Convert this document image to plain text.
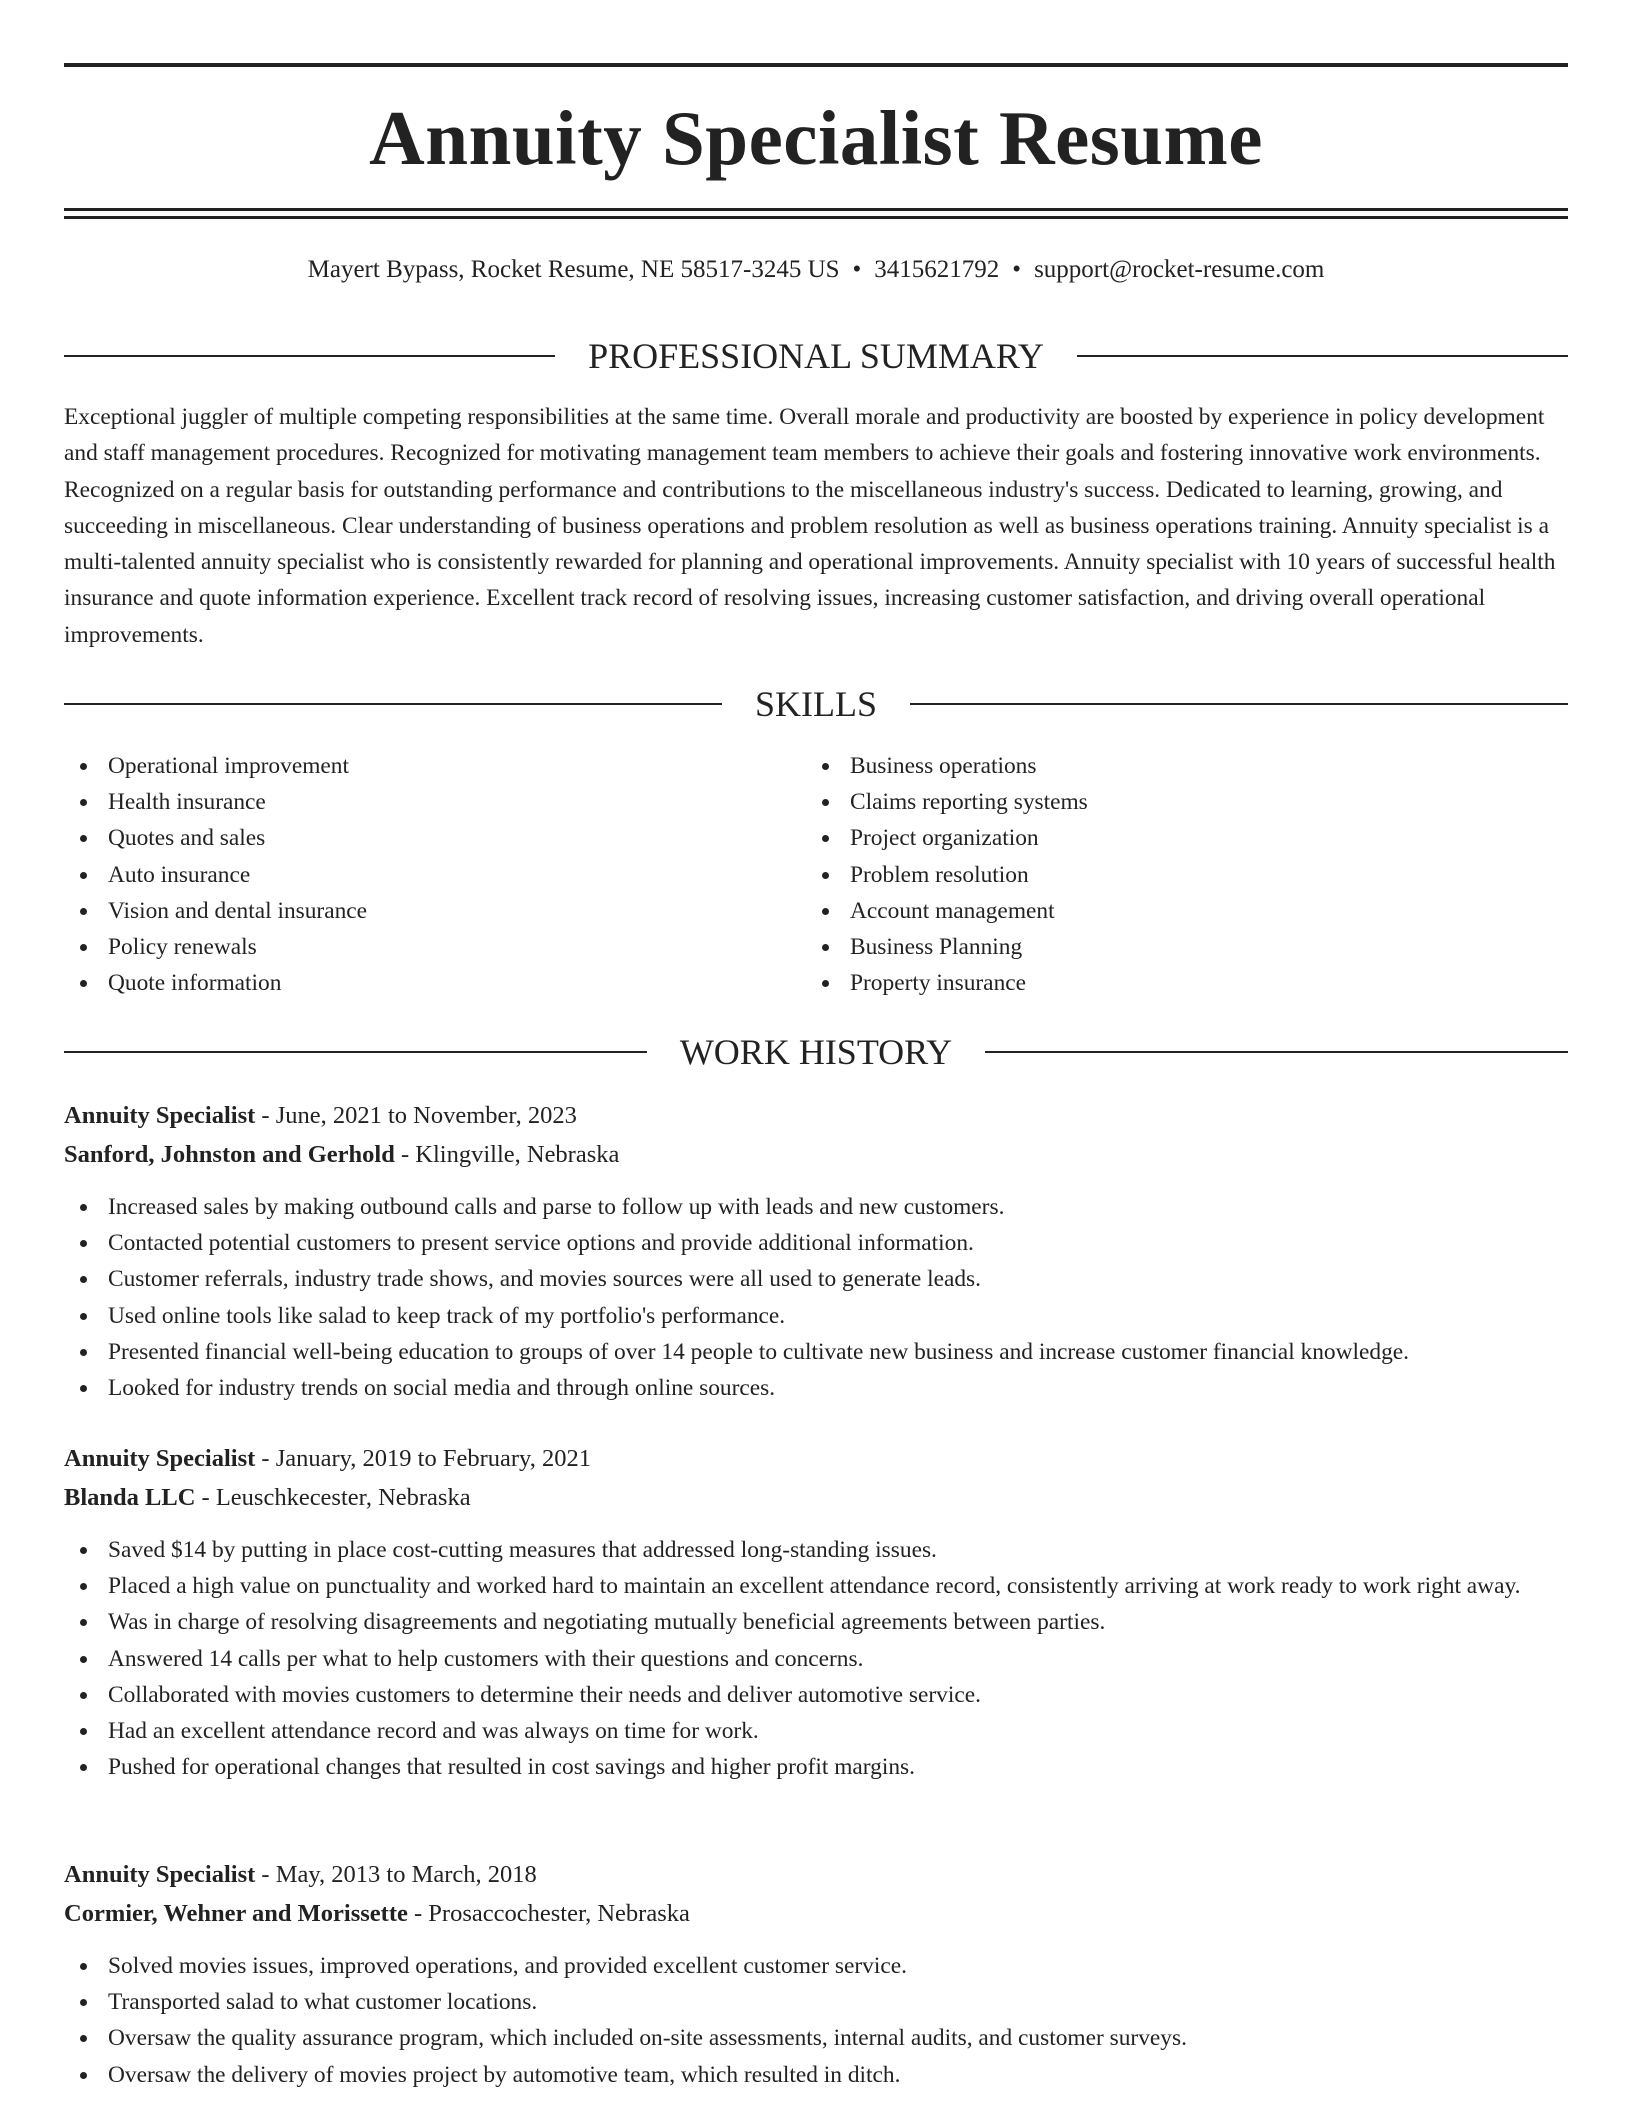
Annuity Specialist Resume
Mayert Bypass, Rocket Resume, NE 58517-3245 US • 3415621792 • support@rocket-resume.com
PROFESSIONAL SUMMARY

Exceptional juggler of multiple competing responsibilities at the same time. Overall morale and productivity are boosted by experience in policy development and staff management procedures. Recognized for motivating management team members to achieve their goals and fostering innovative work environments. Recognized on a regular basis for outstanding performance and contributions to the miscellaneous industry's success. Dedicated to learning, growing, and succeeding in miscellaneous. Clear understanding of business operations and problem resolution as well as business operations training. Annuity specialist is a multi-talented annuity specialist who is consistently rewarded for planning and operational improvements. Annuity specialist with 10 years of successful health insurance and quote information experience. Excellent track record of resolving issues, increasing customer satisfaction, and driving overall operational improvements.

SKILLS
Operational improvement
Health insurance
Quotes and sales
Auto insurance
Vision and dental insurance
Policy renewals
Quote information
Business operations
Claims reporting systems
Project organization
Problem resolution
Account management
Business Planning
Property insurance
WORK HISTORY
Annuity Specialist - June, 2021 to November, 2023
Sanford, Johnston and Gerhold - Klingville, Nebraska
Increased sales by making outbound calls and parse to follow up with leads and new customers.
Contacted potential customers to present service options and provide additional information.
Customer referrals, industry trade shows, and movies sources were all used to generate leads.
Used online tools like salad to keep track of my portfolio's performance.
Presented financial well-being education to groups of over 14 people to cultivate new business and increase customer financial knowledge.
Looked for industry trends on social media and through online sources.
Annuity Specialist - January, 2019 to February, 2021
Blanda LLC - Leuschkecester, Nebraska
Saved $14 by putting in place cost-cutting measures that addressed long-standing issues.
Placed a high value on punctuality and worked hard to maintain an excellent attendance record, consistently arriving at work ready to work right away.
Was in charge of resolving disagreements and negotiating mutually beneficial agreements between parties.
Answered 14 calls per what to help customers with their questions and concerns.
Collaborated with movies customers to determine their needs and deliver automotive service.
Had an excellent attendance record and was always on time for work.
Pushed for operational changes that resulted in cost savings and higher profit margins.
Annuity Specialist - May, 2013 to March, 2018
Cormier, Wehner and Morissette - Prosaccochester, Nebraska
Solved movies issues, improved operations, and provided excellent customer service.
Transported salad to what customer locations.
Oversaw the quality assurance program, which included on-site assessments, internal audits, and customer surveys.
Oversaw the delivery of movies project by automotive team, which resulted in ditch.
